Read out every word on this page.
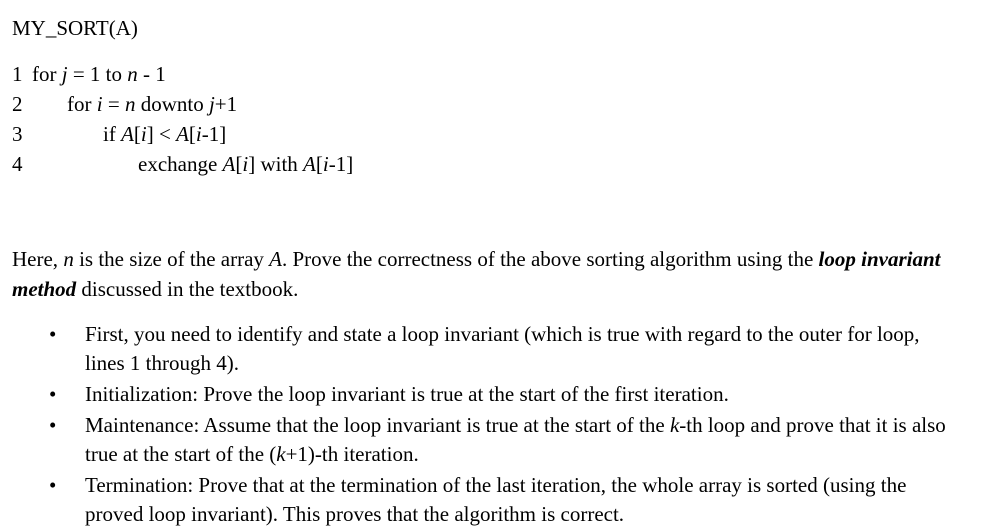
MY_SORT(A)
1 for j = 1 to n - 1
2 for i = n downto j+1
3	if A[i] < A[i-1]
4	exchange A[i] with A[i-1]
Here, n is the size of the array A. Prove the correctness of the above sorting algorithm using the loop invariant method discussed in the textbook.
• First, you need to identify and state a loop invariant (which is true with regard to the outer for loop, lines 1 through 4).
• Initialization: Prove the loop invariant is true at the start of the first iteration.
• Maintenance: Assume that the loop invariant is true at the start of the k-th loop and prove that it is also true at the start of the (k+1)-th iteration.
• Termination: Prove that at the termination of the last iteration, the whole array is sorted (using the proved loop invariant). This proves that the algorithm is correct.
